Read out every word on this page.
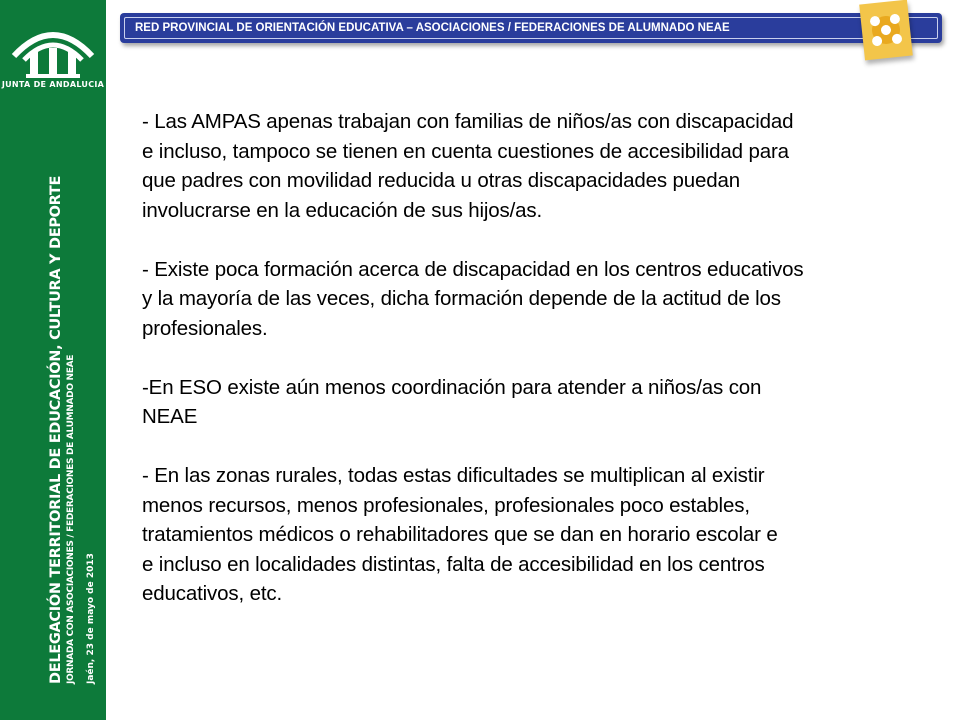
JUNTA DE ANDALUCIA
DELEGACIÓN TERRITORIAL DE EDUCACIÓN, CULTURA Y DEPORTE JORNADA CON ASOCIACIONES / FEDERACIONES DE ALUMNADO NEAE Jaén, 23 de mayo de 2013
RED PROVINCIAL DE ORIENTACIÓN EDUCATIVA – ASOCIACIONES / FEDERACIONES DE ALUMNADO NEAE

- Las AMPAS apenas trabajan con familias de niños/as con discapacidad
e incluso, tampoco se tienen en cuenta cuestiones de accesibilidad para
que padres con movilidad reducida u otras discapacidades puedan
involucrarse en la educación de sus hijos/as.

- Existe poca formación acerca de discapacidad en los centros educativos
y la mayoría de las veces, dicha formación depende de la actitud de los
profesionales.

-En ESO existe aún menos coordinación para atender a niños/as con
NEAE

- En las zonas rurales, todas estas dificultades se multiplican al existir
menos recursos, menos profesionales, profesionales poco estables,
tratamientos médicos o rehabilitadores que se dan en horario escolar e
e incluso en localidades distintas, falta de accesibilidad en los centros
educativos, etc.
